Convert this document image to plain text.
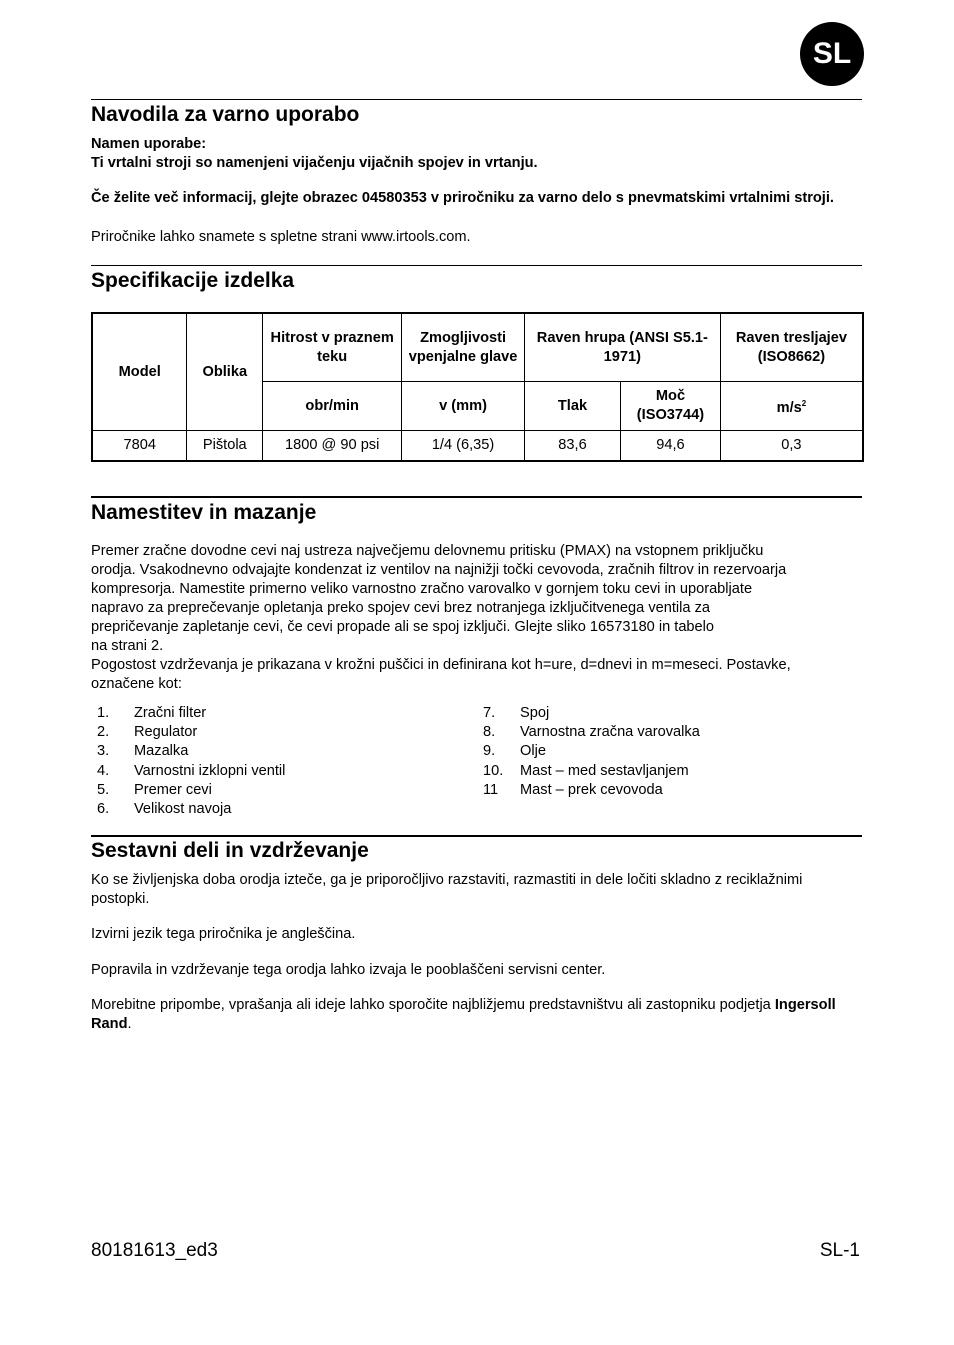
SL
Navodila za varno uporabo

Namen uporabe:

Ti vrtalni stroji so namenjeni vijačenju vijačnih spojev in vrtanju.

Če želite več informacij, glejte obrazec 04580353 v priročniku za varno delo s pnevmatskimi vrtalnimi stroji.

Priročnike lahko snamete s spletne strani www.irtools.com.

Specifikacije izdelka
Model	Oblika	Hitrost v praznem teku	Zmogljivosti vpenjalne glave	Raven hrupa (ANSI S5.1-1971)		Raven tresljajev (ISO8662)
		obr/min	v (mm)	Tlak	Moč (ISO3744)	$m/s^2$
7804	Pištola	1800 @ 90 psi	1/4 (6,35)	83,6	94,6	0,3
Namestitev in mazanje

Premer zračne dovodne cevi naj ustreza največjemu delovnemu pritisku (PMAX) na vstopnem priključku

orodja. Vsakodnevno odvajajte kondenzat iz ventilov na najnižji točki cevovoda, zračnih filtrov in rezervoarja

kompresorja. Namestite primerno veliko varnostno zračno varovalko v gornjem toku cevi in uporabljate

napravo za preprečevanje opletanja preko spojev cevi brez notranjega izključitvenega ventila za

prepričevanje zapletanje cevi, če cevi propade ali se spoj izključi. Glejte sliko 16573180 in tabelo

na strani 2.

Pogostost vzdrževanja je prikazana v krožni puščici in definirana kot h=ure, d=dnevi in m=meseci. Postavke,

označene kot:

1.	Zračni filter
2.	Regulator
3.	Mazalka
4.	Varnostni izklopni ventil
5.	Premer cevi
6.	Velikost navoja
7.	Spoj
8.	Varnostna zračna varovalka
9.	Olje
10.	Mast – med sestavljanjem
11	Mast – prek cevovoda
Sestavni deli in vzdrževanje

Ko se življenjska doba orodja izteče, ga je priporočljivo razstaviti, razmastiti in dele ločiti skladno z reciklažnimi postopki.

Izvirni jezik tega priročnika je angleščina.

Popravila in vzdrževanje tega orodja lahko izvaja le pooblaščeni servisni center.

Morebitne pripombe, vprašanja ali ideje lahko sporočite najbližjemu predstavništvu ali zastopniku podjetja Ingersoll Rand.

80181613_ed3	SL-1
